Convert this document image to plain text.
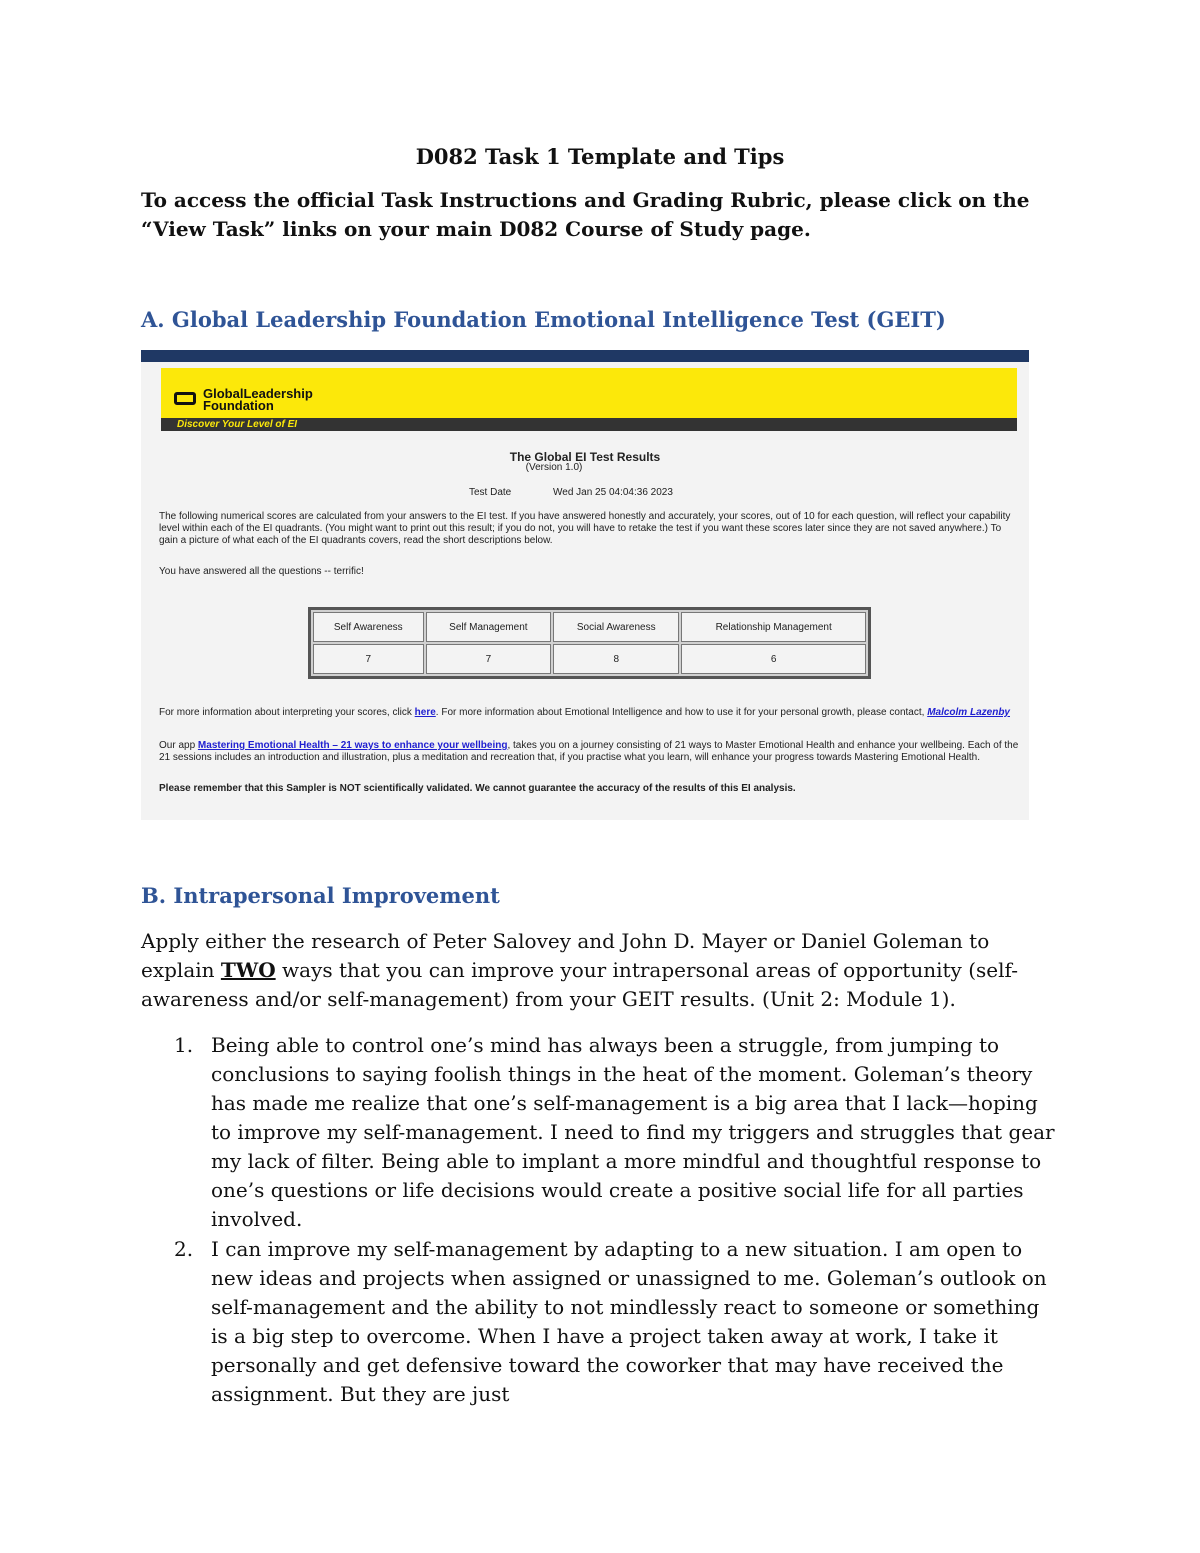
D082 Task 1 Template and Tips

To access the official Task Instructions and Grading Rubric, please click on the “View Task” links on your main D082 Course of Study page.

A. Global Leadership Foundation Emotional Intelligence Test (GEIT)
GlobalLeadership
Foundation
Discover Your Level of EI
The Global EI Test Results
(Version 1.0)
Test Date	Wed Jan 25 04:04:36 2023

The following numerical scores are calculated from your answers to the EI test. If you have answered honestly and accurately, your scores, out of 10 for each question, will reflect your capability level within each of the EI quadrants. (You might want to print out this result; if you do not, you will have to retake the test if you want these scores later since they are not saved anywhere.) To gain a picture of what each of the EI quadrants covers, read the short descriptions below.

You have answered all the questions -- terrific!

Self Awareness	Self Management	Social Awareness	Relationship Management
7	7	8	6

For more information about interpreting your scores, click here. For more information about Emotional Intelligence and how to use it for your personal growth, please contact, Malcolm Lazenby

Our app Mastering Emotional Health – 21 ways to enhance your wellbeing, takes you on a journey consisting of 21 ways to Master Emotional Health and enhance your wellbeing. Each of the 21 sessions includes an introduction and illustration, plus a meditation and recreation that, if you practise what you learn, will enhance your progress towards Mastering Emotional Health.

Please remember that this Sampler is NOT scientifically validated. We cannot guarantee the accuracy of the results of this EI analysis.

B. Intrapersonal Improvement

Apply either the research of Peter Salovey and John D. Mayer or Daniel Goleman to explain TWO ways that you can improve your intrapersonal areas of opportunity (self-awareness and/or self-management) from your GEIT results. (Unit 2: Module 1).

1. Being able to control one’s mind has always been a struggle, from jumping to conclusions to saying foolish things in the heat of the moment. Goleman’s theory has made me realize that one’s self-management is a big area that I lack—hoping to improve my self-management. I need to find my triggers and struggles that gear my lack of filter. Being able to implant a more mindful and thoughtful response to one’s questions or life decisions would create a positive social life for all parties involved.

2. I can improve my self-management by adapting to a new situation. I am open to new ideas and projects when assigned or unassigned to me. Goleman’s outlook on self-management and the ability to not mindlessly react to someone or something is a big step to overcome. When I have a project taken away at work, I take it personally and get defensive toward the coworker that may have received the assignment. But they are just
